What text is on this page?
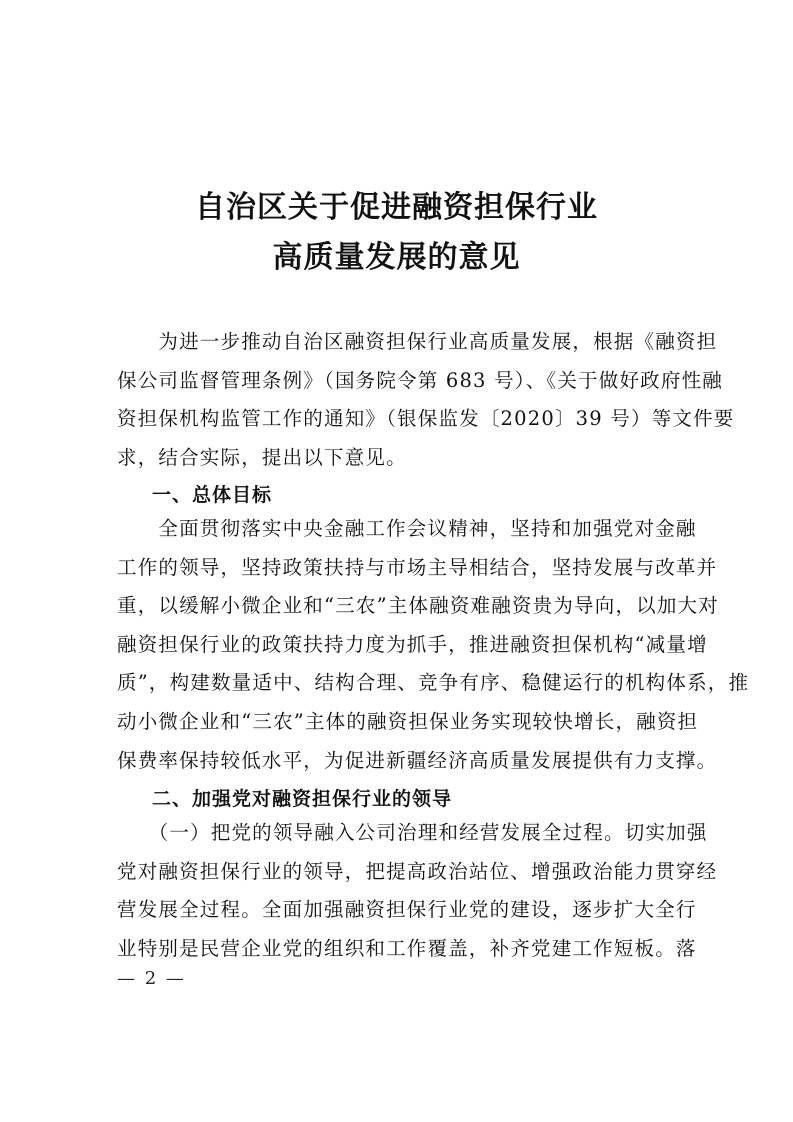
自治区关于促进融资担保行业
高质量发展的意见
　　为进一步推动自治区融资担保行业高质量发展，根据《融资担
保公司监督管理条例》（国务院令第 683 号）、《关于做好政府性融
资担保机构监管工作的通知》（银保监发〔2020〕39 号）等文件要
求，结合实际，提出以下意见。
一、总体目标
　　全面贯彻落实中央金融工作会议精神，坚持和加强党对金融
工作的领导，坚持政策扶持与市场主导相结合，坚持发展与改革并
重，以缓解小微企业和“三农”主体融资难融资贵为导向，以加大对
融资担保行业的政策扶持力度为抓手，推进融资担保机构“减量增
质”，构建数量适中、结构合理、竞争有序、稳健运行的机构体系，推
动小微企业和“三农”主体的融资担保业务实现较快增长，融资担
保费率保持较低水平，为促进新疆经济高质量发展提供有力支撑。
二、加强党对融资担保行业的领导
　　（一）把党的领导融入公司治理和经营发展全过程。切实加强
党对融资担保行业的领导，把提高政治站位、增强政治能力贯穿经
营发展全过程。全面加强融资担保行业党的建设，逐步扩大全行
业特别是民营企业党的组织和工作覆盖，补齐党建工作短板。落
— 2 —
